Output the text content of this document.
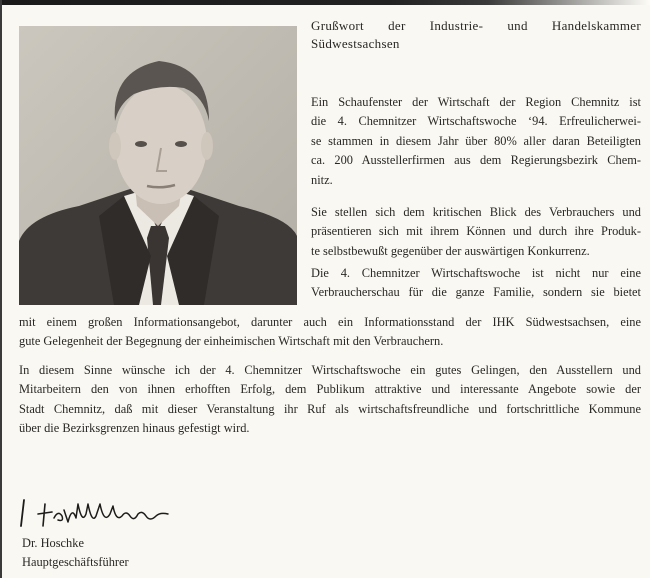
Grußwort der Industrie- und Handelskammer
Südwestsachsen
Ein Schaufenster der Wirtschaft der Region Chemnitz ist
die 4. Chemnitzer Wirtschaftswoche ‘94. Erfreulicherwei-
se stammen in diesem Jahr über 80% aller daran Beteiligten
ca. 200 Ausstellerfirmen aus dem Regierungsbezirk Chem-
nitz.
Sie stellen sich dem kritischen Blick des Verbrauchers und
präsentieren sich mit ihrem Können und durch ihre Produk-
te selbstbewußt gegenüber der auswärtigen Konkurrenz.
Die 4. Chemnitzer Wirtschaftswoche ist nicht nur eine
Verbraucherschau für die ganze Familie, sondern sie bietet
mit einem großen Informationsangebot, darunter auch ein Informationsstand der IHK Südwestsachsen, eine
gute Gelegenheit der Begegnung der einheimischen Wirtschaft mit den Verbrauchern.
In diesem Sinne wünsche ich der 4. Chemnitzer Wirtschaftswoche ein gutes Gelingen, den Ausstellern und
Mitarbeitern den von ihnen erhofften Erfolg, dem Publikum attraktive und interessante Angebote sowie der
Stadt Chemnitz, daß mit dieser Veranstaltung ihr Ruf als wirtschaftsfreundliche und fortschrittliche Kommune
über die Bezirksgrenzen hinaus gefestigt wird.
Dr. Hoschke
Hauptgeschäftsführer
